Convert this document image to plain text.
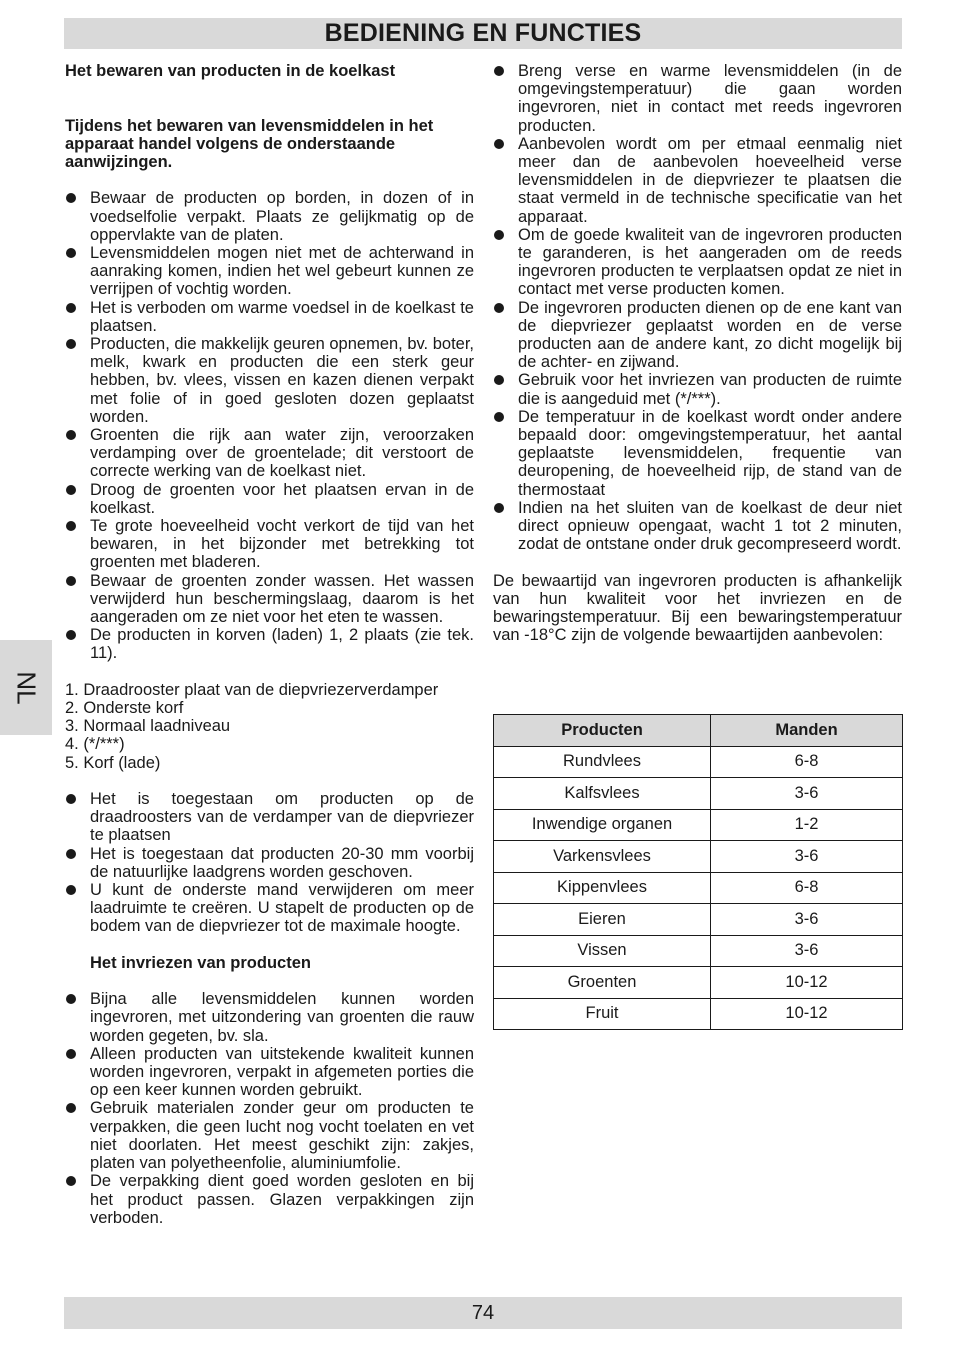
BEDIENING EN FUNCTIES
NL

Het bewaren van producten in de koelkast

Tijdens het bewaren van levensmiddelen in het apparaat handel volgens de onderstaande aanwijzingen.

Bewaar de producten op borden, in dozen of in voedselfolie verpakt. Plaats ze gelijkmatig op de oppervlakte van de platen.
Levensmiddelen mogen niet met de achterwand in aanraking komen, indien het wel gebeurt kunnen ze verrijpen of vochtig worden.
Het is verboden om warme voedsel in de koelkast te plaatsen.
Producten, die makkelijk geuren opnemen, bv. boter, melk, kwark en producten die een sterk geur hebben, bv. vlees, vissen en kazen dienen verpakt met folie of in goed gesloten dozen geplaatst worden.
Groenten die rijk aan water zijn, veroorzaken verdamping over de groentelade; dit verstoort de correcte werking van de koelkast niet.
Droog de groenten voor het plaatsen ervan in de koelkast.
Te grote hoeveelheid vocht verkort de tijd van het bewaren, in het bijzonder met betrekking tot groenten met bladeren.
Bewaar de groenten zonder wassen. Het wassen verwijderd hun beschermingslaag, daarom is het aangeraden om ze niet voor het eten te wassen.
De producten in korven (laden) 1, 2 plaats (zie tek. 11).
1. Draadrooster plaat van de diepvriezerverdamper
2. Onderste korf
3. Normaal laadniveau
4. (*/***)
5. Korf (lade)
Het is toegestaan om producten op de draadroosters van de verdamper van de diepvriezer te plaatsen
Het is toegestaan dat producten 20-30 mm voorbij de natuurlijke laadgrens worden geschoven.
U kunt de onderste mand verwijderen om meer laadruimte te creëren. U stapelt de producten op de bodem van de diepvriezer tot de maximale hoogte.

Het invriezen van producten

Bijna alle levensmiddelen kunnen worden ingevroren, met uitzondering van groenten die rauw worden gegeten, bv. sla.
Alleen producten van uitstekende kwaliteit kunnen worden ingevroren, verpakt in afgemeten porties die op een keer kunnen worden gebruikt.
Gebruik materialen zonder geur om producten te verpakken, die geen lucht nog vocht toelaten en vet niet doorlaten. Het meest geschikt zijn: zakjes, platen van polyetheenfolie, aluminiumfolie.
De verpakking dient goed worden gesloten en bij het product passen. Glazen verpakkingen zijn verboden.
Breng verse en warme levensmiddelen (in de omgevingstemperatuur) die gaan worden ingevroren, niet in contact met reeds ingevroren producten.
Aanbevolen wordt om per etmaal eenmalig niet meer dan de aanbevolen hoeveelheid verse levensmiddelen in de diepvriezer te plaatsen die staat vermeld in de technische specificatie van het apparaat.
Om de goede kwaliteit van de ingevroren producten te garanderen, is het aangeraden om de reeds ingevroren producten te verplaatsen opdat ze niet in contact met verse producten komen.
De ingevroren producten dienen op de ene kant van de diepvriezer geplaatst worden en de verse producten aan de andere kant, zo dicht mogelijk bij de achter- en zijwand.
Gebruik voor het invriezen van producten de ruimte die is aangeduid met (*/***).
De temperatuur in de koelkast wordt onder andere bepaald door: omgevingstemperatuur, het aantal geplaatste levensmiddelen, frequentie van deuropening, de hoeveelheid rijp, de stand van de thermostaat
Indien na het sluiten van de koelkast de deur niet direct opnieuw opengaat, wacht 1 tot 2 minuten, zodat de ontstane onder druk gecompreseerd wordt.

De bewaartijd van ingevroren producten is afhankelijk van hun kwaliteit voor het invriezen en de bewaringstemperatuur. Bij een bewaringstemperatuur van -18°C zijn de volgende bewaartijden aanbevolen:

Producten	Manden
Rundvlees	6-8
Kalfsvlees	3-6
Inwendige organen	1-2
Varkensvlees	3-6
Kippenvlees	6-8
Eieren	3-6
Vissen	3-6
Groenten	10-12
Fruit	10-12
74
